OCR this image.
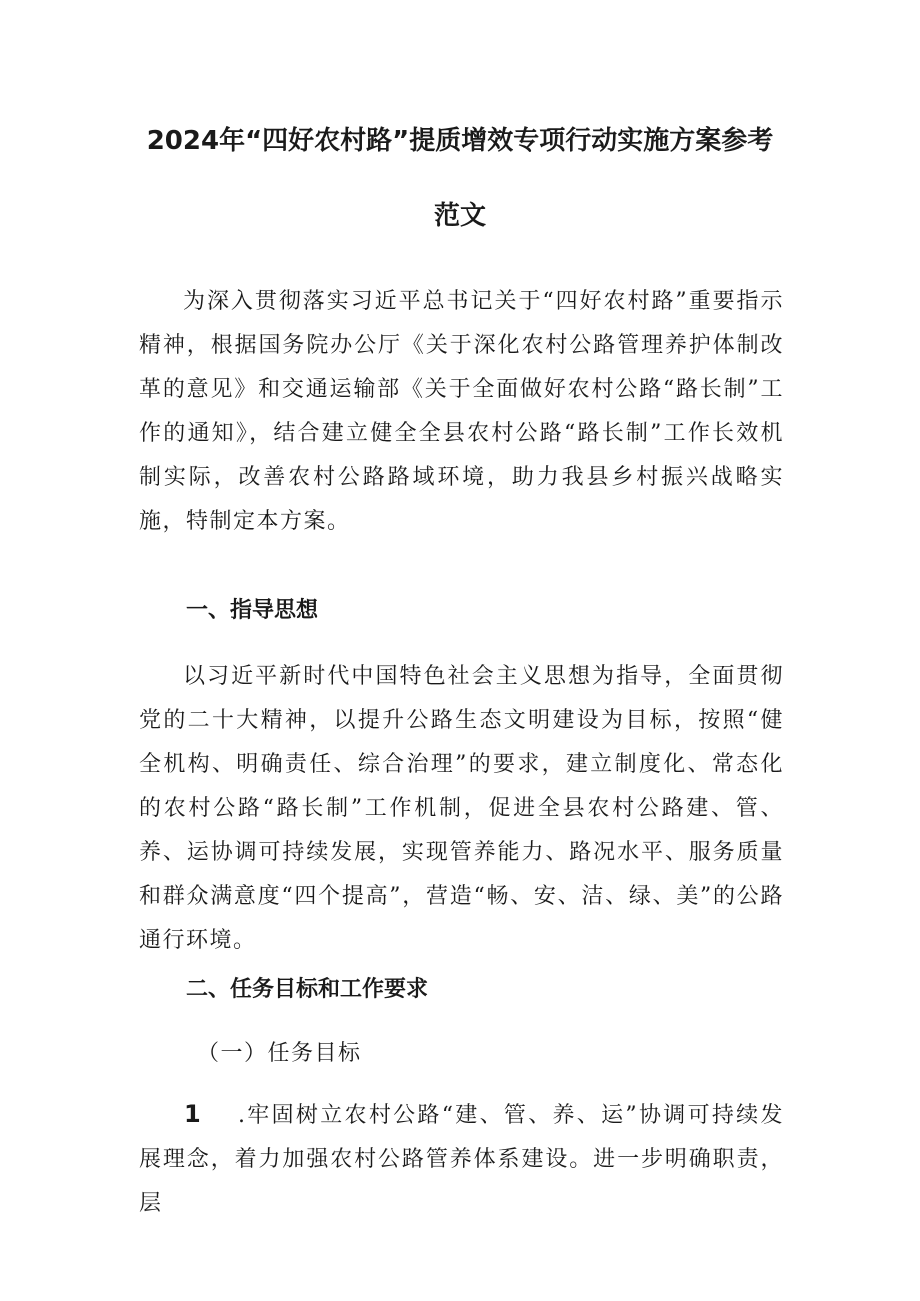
2024年“四好农村路”提质增效专项行动实施方案参考
范文
为深入贯彻落实习近平总书记关于“四好农村路”重要指示精神，根据国务院办公厅《关于深化农村公路管理养护体制改革的意见》和交通运输部《关于全面做好农村公路“路长制”工作的通知》，结合建立健全全县农村公路“路长制”工作长效机制实际，改善农村公路路域环境，助力我县乡村振兴战略实施，特制定本方案。
一、指导思想
以习近平新时代中国特色社会主义思想为指导，全面贯彻党的二十大精神，以提升公路生态文明建设为目标，按照“健全机构、明确责任、综合治理”的要求，建立制度化、常态化的农村公路“路长制”工作机制，促进全县农村公路建、管、养、运协调可持续发展，实现管养能力、路况水平、服务质量和群众满意度“四个提高”，营造“畅、安、洁、绿、美”的公路通行环境。
二、任务目标和工作要求
（一）任务目标
1 .牢固树立农村公路“建、管、养、运”协调可持续发展理念，着力加强农村公路管养体系建设。进一步明确职责，层
